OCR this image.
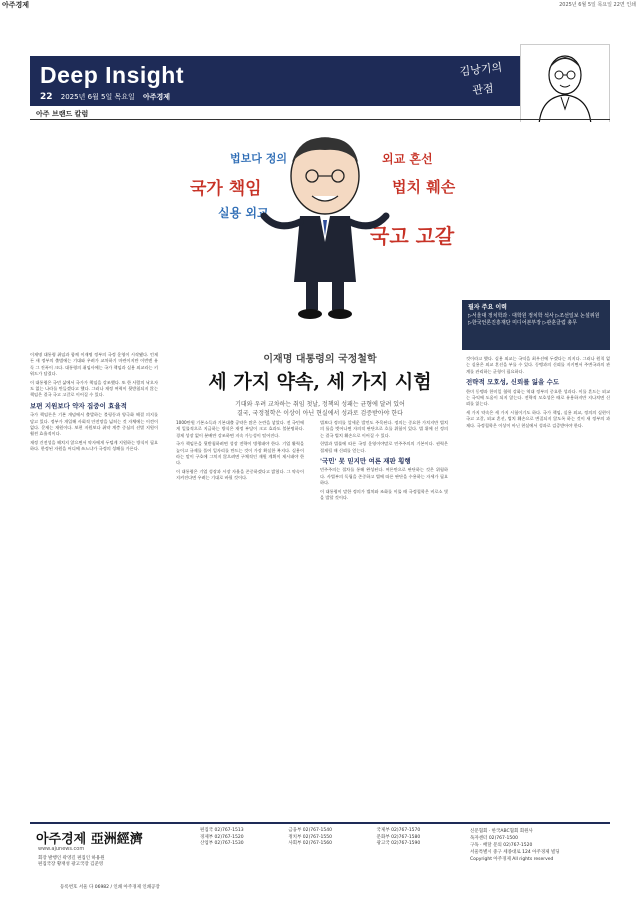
아주경제	2025년 6월 5일 목요일 22면 인쇄
Deep Insight
22 2025년 6월 5일 목요일 아주경제
김낭기의
관점
아주 브랜드 칼럼
법보다 정의
국가 책임
실용 외교
외교 혼선
법치 훼손
국고 고갈
필자 주요 이력
▷서울대 정치학과 · 대학원 정치학 석사 ▷조선일보 논설위원 ▷한국언론진흥재단 미디어본부장 ▷관훈클럽 총무
이재명 대통령의 국정철학
세 가지 약속, 세 가지 시험
기대와 우려 교차하는 취임 첫날, 정책의 성패는 균형에 달려 있어
결국, 국정철학은 이상이 아닌 현실에서 성과로 검증받아야 한다

이재명 대통령 취임과 함께 이재명 정부의 국정 운영이 시작됐다. 언제든 새 정부의 출범에는 기대와 우려가 교차하기 마련이지만 이번엔 유독 그 진폭이 크다. 대통령의 취임사에는 국가 책임과 실용 외교라는 키워드가 담겼다.

이 대통령은 국민 삶에서 국가가 책임을 강조했다. 또 한 사람의 낙오자도 없는 나라를 만들겠다고 했다. 그러나 재정 여력이 뒷받침되지 않는 책임은 결국 국고 고갈로 이어질 수 있다.

보편 지원보다 약자 집중이 효율적

국가 책임론은 기본 개념에서 출발하는 불평등과 양극화 해결 의지를 담고 있다. 정부가 개입해 사회적 안전망을 넓히는 것 자체에는 이견이 없다. 문제는 재원이다. 보편 지원보다 취약 계층 중심의 선별 지원이 훨씬 효율적이다.

재정 건전성을 해치지 않으면서 약자에게 두텁게 지원하는 방식이 필요하다. 한정된 자원을 어디에 쓰느냐가 국정의 성패를 가른다.

1000만원 기본소득과 기본대출 공약은 많은 논란을 낳았다. 전 국민에게 일률적으로 지급하는 방식은 재정 부담이 크고 효과도 불분명하다. 경제 성장 없이 분배만 강조하면 지속 가능성이 떨어진다.

국가 책임론을 뒷받침하려면 성장 전략이 병행돼야 한다. 기업 활력을 높이고 규제를 풀어 일자리를 만드는 것이 가장 확실한 복지다. 실용이라는 말이 구호에 그치지 않으려면 구체적인 재원 계획이 제시돼야 한다.

이 대통령은 기업 성장과 시장 자율을 존중하겠다고 밝혔다. 그 약속이 지켜진다면 우려는 기대로 바뀔 것이다.

법보다 정의를 앞세운 발언도 주목된다. 정의는 중요한 가치지만 법치의 틀을 벗어나면 자의적 판단으로 흐를 위험이 있다. 법 위에 선 정의는 결국 법치 훼손으로 이어질 수 있다.

헌법과 법률에 따른 국정 운영이야말로 민주주의의 기본이다. 권력은 절제될 때 신뢰를 얻는다.

'국민' 못 믿지만 여론 재판 횡행

민주주의는 절차를 통해 완성된다. 여론만으로 판단하는 것은 위험하다. 사법부의 독립을 존중하고 법에 따른 판단을 수용하는 자세가 필요하다.

이 대통령이 말한 정의가 법치와 조화를 이룰 때 국정철학은 비로소 빛을 발할 것이다.

것이라고 했다. 실용 외교는 국익을 최우선에 두겠다는 의지다. 그러나 원칙 없는 실용은 외교 혼선을 부를 수 있다. 동맹과의 신뢰를 지키면서 주변국과의 관계를 관리하는 균형이 필요하다.

전략적 모호성, 신뢰를 잃을 수도

한미 동맹과 한미일 협력 강화는 역대 정부의 중요한 성과다. 이를 흔드는 외교는 국익에 도움이 되지 않는다. 전략적 모호성은 때로 유용하지만 지나치면 신뢰를 잃는다.

세 가지 약속은 세 가지 시험이기도 하다. 국가 책임, 실용 외교, 정의의 실현이 국고 고갈, 외교 혼선, 법치 훼손으로 변질되지 않도록 하는 것이 새 정부의 과제다. 국정철학은 이상이 아닌 현실에서 성과로 검증받아야 한다.

아주경제 亞洲經濟
www.ajunews.com
회장 발행인 곽영길 편집인 하용원
편집국장 황재성 광고국장 김준영
등록번호 서울 다 06982 / 인쇄 아주경제 인쇄공장
편집국 02)767-1513
경제부 02)767-1520
산업부 02)767-1530
금융부 02)767-1540
정치부 02)767-1550
사회부 02)767-1560
국제부 02)767-1570
문화부 02)767-1580
광고국 02)767-1590
신문협회 · 한국ABC협회 회원사
독자센터 02)767-1500
구독 · 배달 문의 02)767-1520
서울특별시 중구 세종대로 124 아주경제 빌딩
Copyright 아주경제 All rights reserved
